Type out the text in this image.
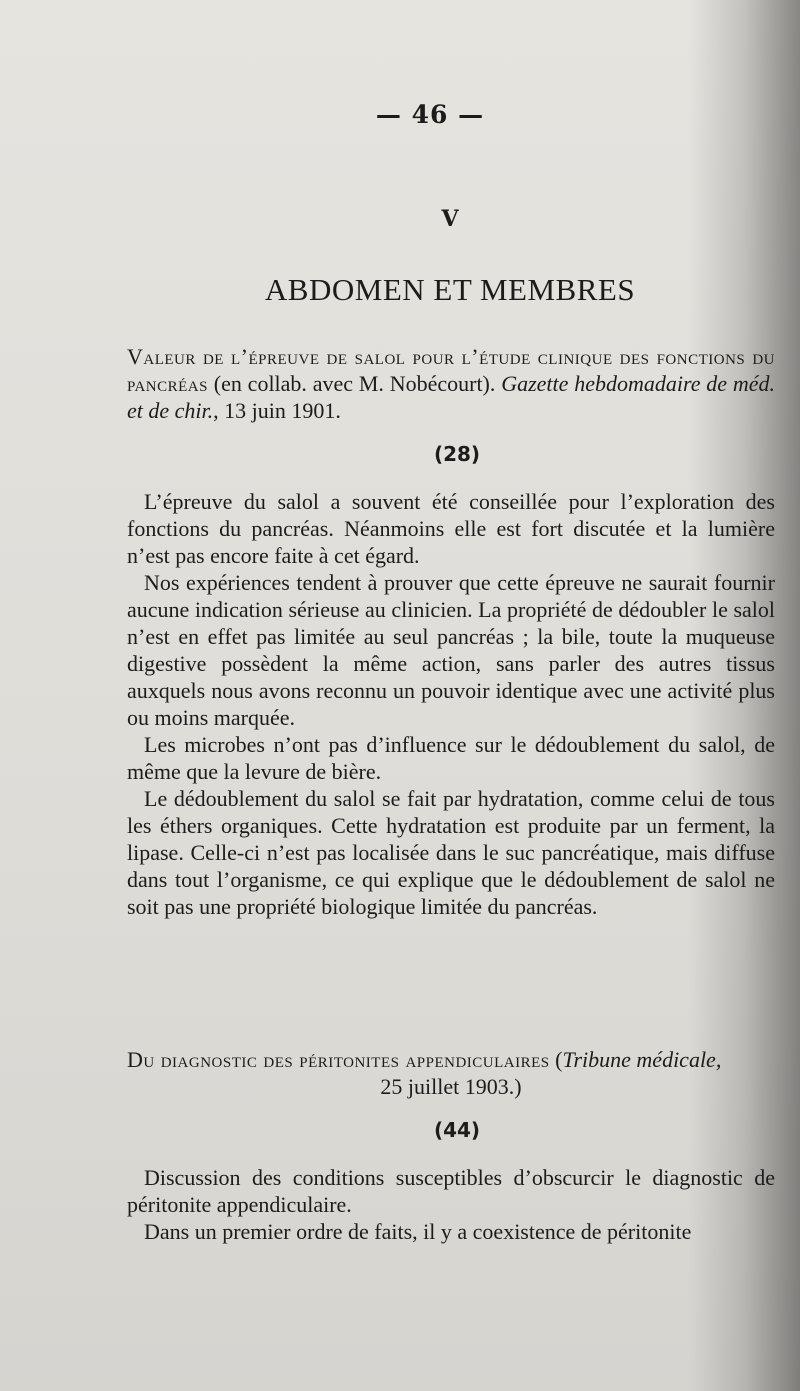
— 46 —
V
ABDOMEN ET MEMBRES
Valeur de l’épreuve de salol pour l’étude clinique des fonctions du pancréas (en collab. avec M. Nobécourt). Gazette hebdomadaire de méd. et de chir., 13 juin 1901.
(28)

L’épreuve du salol a souvent été conseillée pour l’exploration des fonctions du pancréas. Néanmoins elle est fort discutée et la lumière n’est pas encore faite à cet égard.

Nos expériences tendent à prouver que cette épreuve ne saurait fournir aucune indication sérieuse au clinicien. La propriété de dédoubler le salol n’est en effet pas limitée au seul pancréas ; la bile, toute la muqueuse digestive possèdent la même action, sans parler des autres tissus auxquels nous avons reconnu un pouvoir identique avec une activité plus ou moins marquée.

Les microbes n’ont pas d’influence sur le dédoublement du salol, de même que la levure de bière.

Le dédoublement du salol se fait par hydratation, comme celui de tous les éthers organiques. Cette hydratation est produite par un ferment, la lipase. Celle-ci n’est pas localisée dans le suc pancréatique, mais diffuse dans tout l’organisme, ce qui explique que le dédoublement de salol ne soit pas une propriété biologique limitée du pancréas.

Du diagnostic des péritonites appendiculaires (Tribune médicale,
25 juillet 1903.)
(44)

Discussion des conditions susceptibles d’obscurcir le diagnostic de péritonite appendiculaire.

Dans un premier ordre de faits, il y a coexistence de péritonite
